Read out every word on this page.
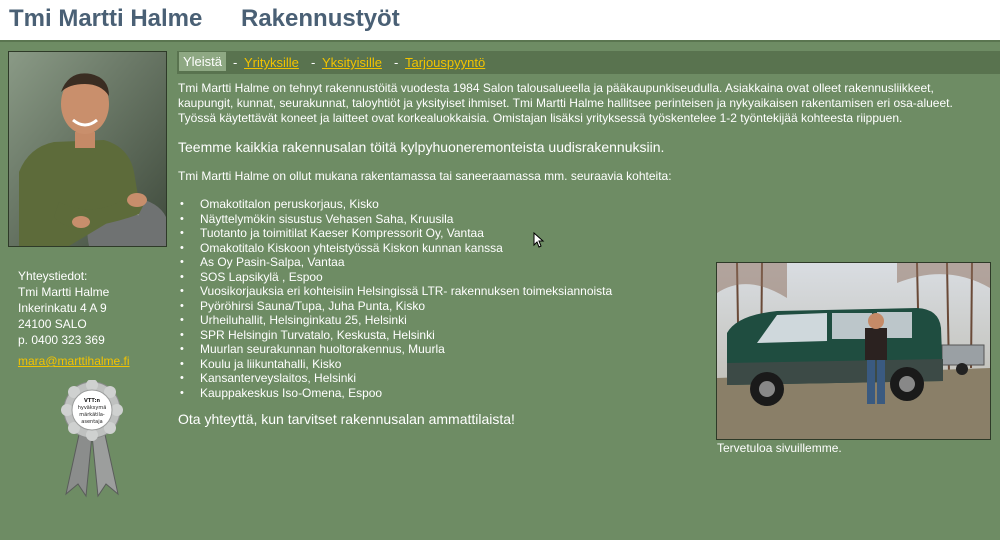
Tmi Martti Halme Rakennustyöt
Yhteystiedot:
Tmi Martti Halme
Inkerinkatu 4 A 9
24100 SALO
p. 0400 323 369
mara@marttihalme.fi
VTT:n
hyväksymä
märkätila-
asentaja
Yleistä - Yrityksille - Yksityisille - Tarjouspyyntö

Tmi Martti Halme on tehnyt rakennustöitä vuodesta 1984 Salon talousalueella ja pääkaupunkiseudulla. Asiakkaina ovat olleet rakennusliikkeet, kaupungit, kunnat, seurakunnat, taloyhtiöt ja yksityiset ihmiset. Tmi Martti Halme hallitsee perinteisen ja nykyaikaisen rakentamisen eri osa-alueet. Työssä käytettävät koneet ja laitteet ovat korkealuokkaisia. Omistajan lisäksi yrityksessä työskentelee 1-2 työntekijää kohteesta riippuen.

Teemme kaikkia rakennusalan töitä kylpyhuoneremonteista uudisrakennuksiin.

Tmi Martti Halme on ollut mukana rakentamassa tai saneeraamassa mm. seuraavia kohteita:

• Omakotitalon peruskorjaus, Kisko
• Näyttelymökin sisustus Vehasen Saha, Kruusila
• Tuotanto ja toimitilat Kaeser Kompressorit Oy, Vantaa
• Omakotitalo Kiskoon yhteistyössä Kiskon kunnan kanssa
• As Oy Pasin-Salpa, Vantaa
• SOS Lapsikylä , Espoo
• Vuosikorjauksia eri kohteisiin Helsingissä LTR- rakennuksen toimeksiannoista
• Pyöröhirsi Sauna/Tupa, Juha Punta, Kisko
• Urheiluhallit, Helsinginkatu 25, Helsinki
• SPR Helsingin Turvatalo, Keskusta, Helsinki
• Muurlan seurakunnan huoltorakennus, Muurla
• Koulu ja liikuntahalli, Kisko
• Kansanterveyslaitos, Helsinki
• Kauppakeskus Iso-Omena, Espoo

Ota yhteyttä, kun tarvitset rakennusalan ammattilaista!

Tervetuloa sivuillemme.
